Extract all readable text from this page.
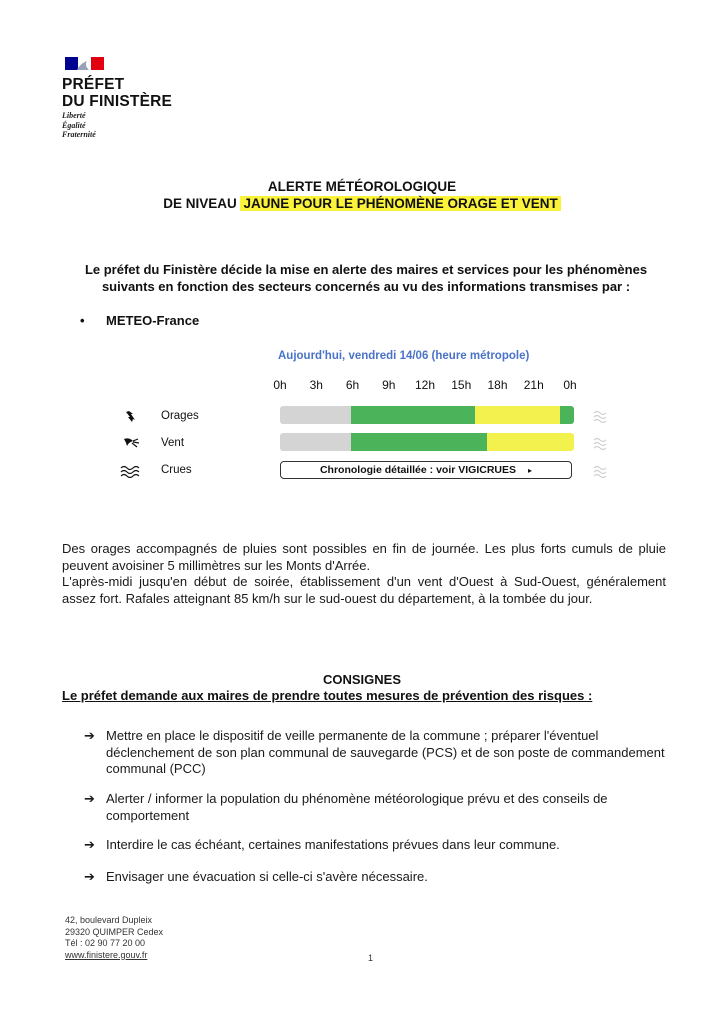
PRÉFET
DU FINISTÈRE
Liberté
Égalité
Fraternité
ALERTE MÉTÉOROLOGIQUE
DE NIVEAU JAUNE POUR LE PHÉNOMÈNE ORAGE ET VENT
Le préfet du Finistère décide la mise en alerte des maires et services pour les phénomènes suivants en fonction des secteurs concernés au vu des informations transmises par :
• METEO-France
Aujourd'hui, vendredi 14/06 (heure métropole)
0h 3h 6h 9h 12h 15h 18h 21h 0h
Orages
Vent
Crues	Chronologie détaillée : voir VIGICRUES ▸
Des orages accompagnés de pluies sont possibles en fin de journée. Les plus forts cumuls de pluie peuvent avoisiner 5 millimètres sur les Monts d'Arrée.
L'après-midi jusqu'en début de soirée, établissement d'un vent d'Ouest à Sud-Ouest, généralement assez fort. Rafales atteignant 85 km/h sur le sud-ouest du département, à la tombée du jour.
CONSIGNES
Le préfet demande aux maires de prendre toutes mesures de prévention des risques :
➔ Mettre en place le dispositif de veille permanente de la commune ; préparer l'éventuel déclenchement de son plan communal de sauvegarde (PCS) et de son poste de commandement communal (PCC)
➔ Alerter / informer la population du phénomène météorologique prévu et des conseils de comportement
➔ Interdire le cas échéant, certaines manifestations prévues dans leur commune.
➔ Envisager une évacuation si celle-ci s'avère nécessaire.
42, boulevard Dupleix
29320 QUIMPER Cedex
Tél : 02 90 77 20 00
www.finistere.gouv.fr	1
